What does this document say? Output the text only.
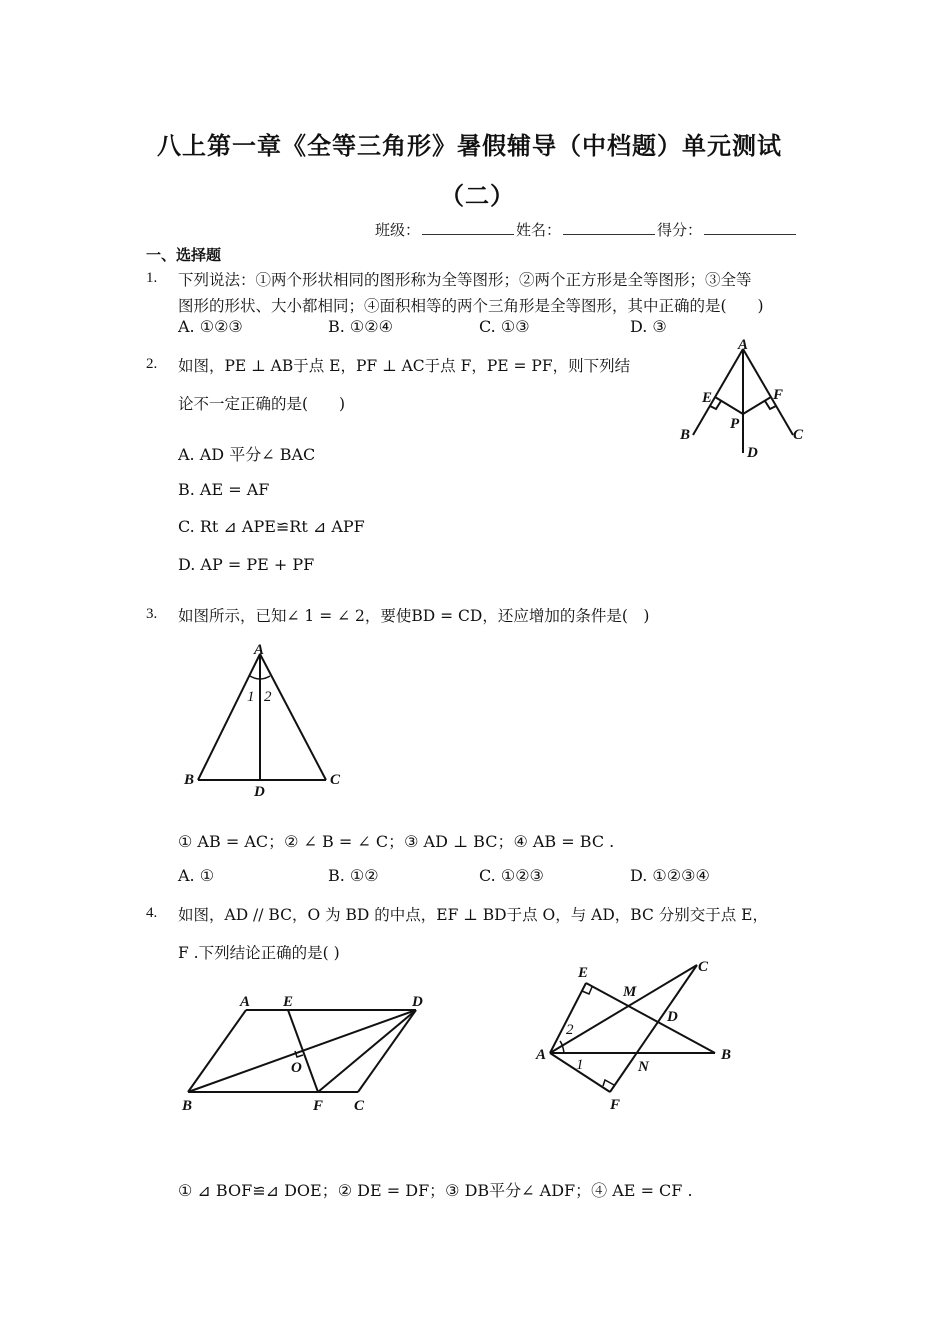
八上第一章《全等三角形》暑假辅导（中档题）单元测试
（二）
班级：	姓名：	得分：
一、选择题
1. 下列说法：①两个形状相同的图形称为全等图形；②两个正方形是全等图形；③全等
图形的形状、大小都相同；④面积相等的两个三角形是全等图形，其中正确的是(　　)
A. ①②③	B. ①②④	C. ①③	D. ③
2. 如图，PE ⊥ AB于点 E，PF ⊥ AC于点 F，PE = PF，则下列结
论不一定正确的是(　　)
A. AD 平分∠ BAC
B. AE = AF
C. Rt ⊿ APE≌Rt ⊿ APF
D. AP = PE + PF
A
B	C
D
E	F
P
3. 如图所示，已知∠ 1 = ∠ 2，要使BD = CD，还应增加的条件是(　)
A
B	C
D
1 2
① AB = AC；② ∠ B = ∠ C；③ AD ⊥ BC；④ AB = BC .
A. ①	B. ①②	C. ①②③	D. ①②③④
4. 如图，AD // BC，O 为 BD 的中点，EF ⊥ BD于点 O，与 AD，BC 分别交于点 E，
F .下列结论正确的是( )
A E	D
B	F C
O
E	C
M
D
A	B
N
F
2
1
① ⊿ BOF≌⊿ DOE；② DE = DF；③ DB平分∠ ADF；④ AE = CF .
